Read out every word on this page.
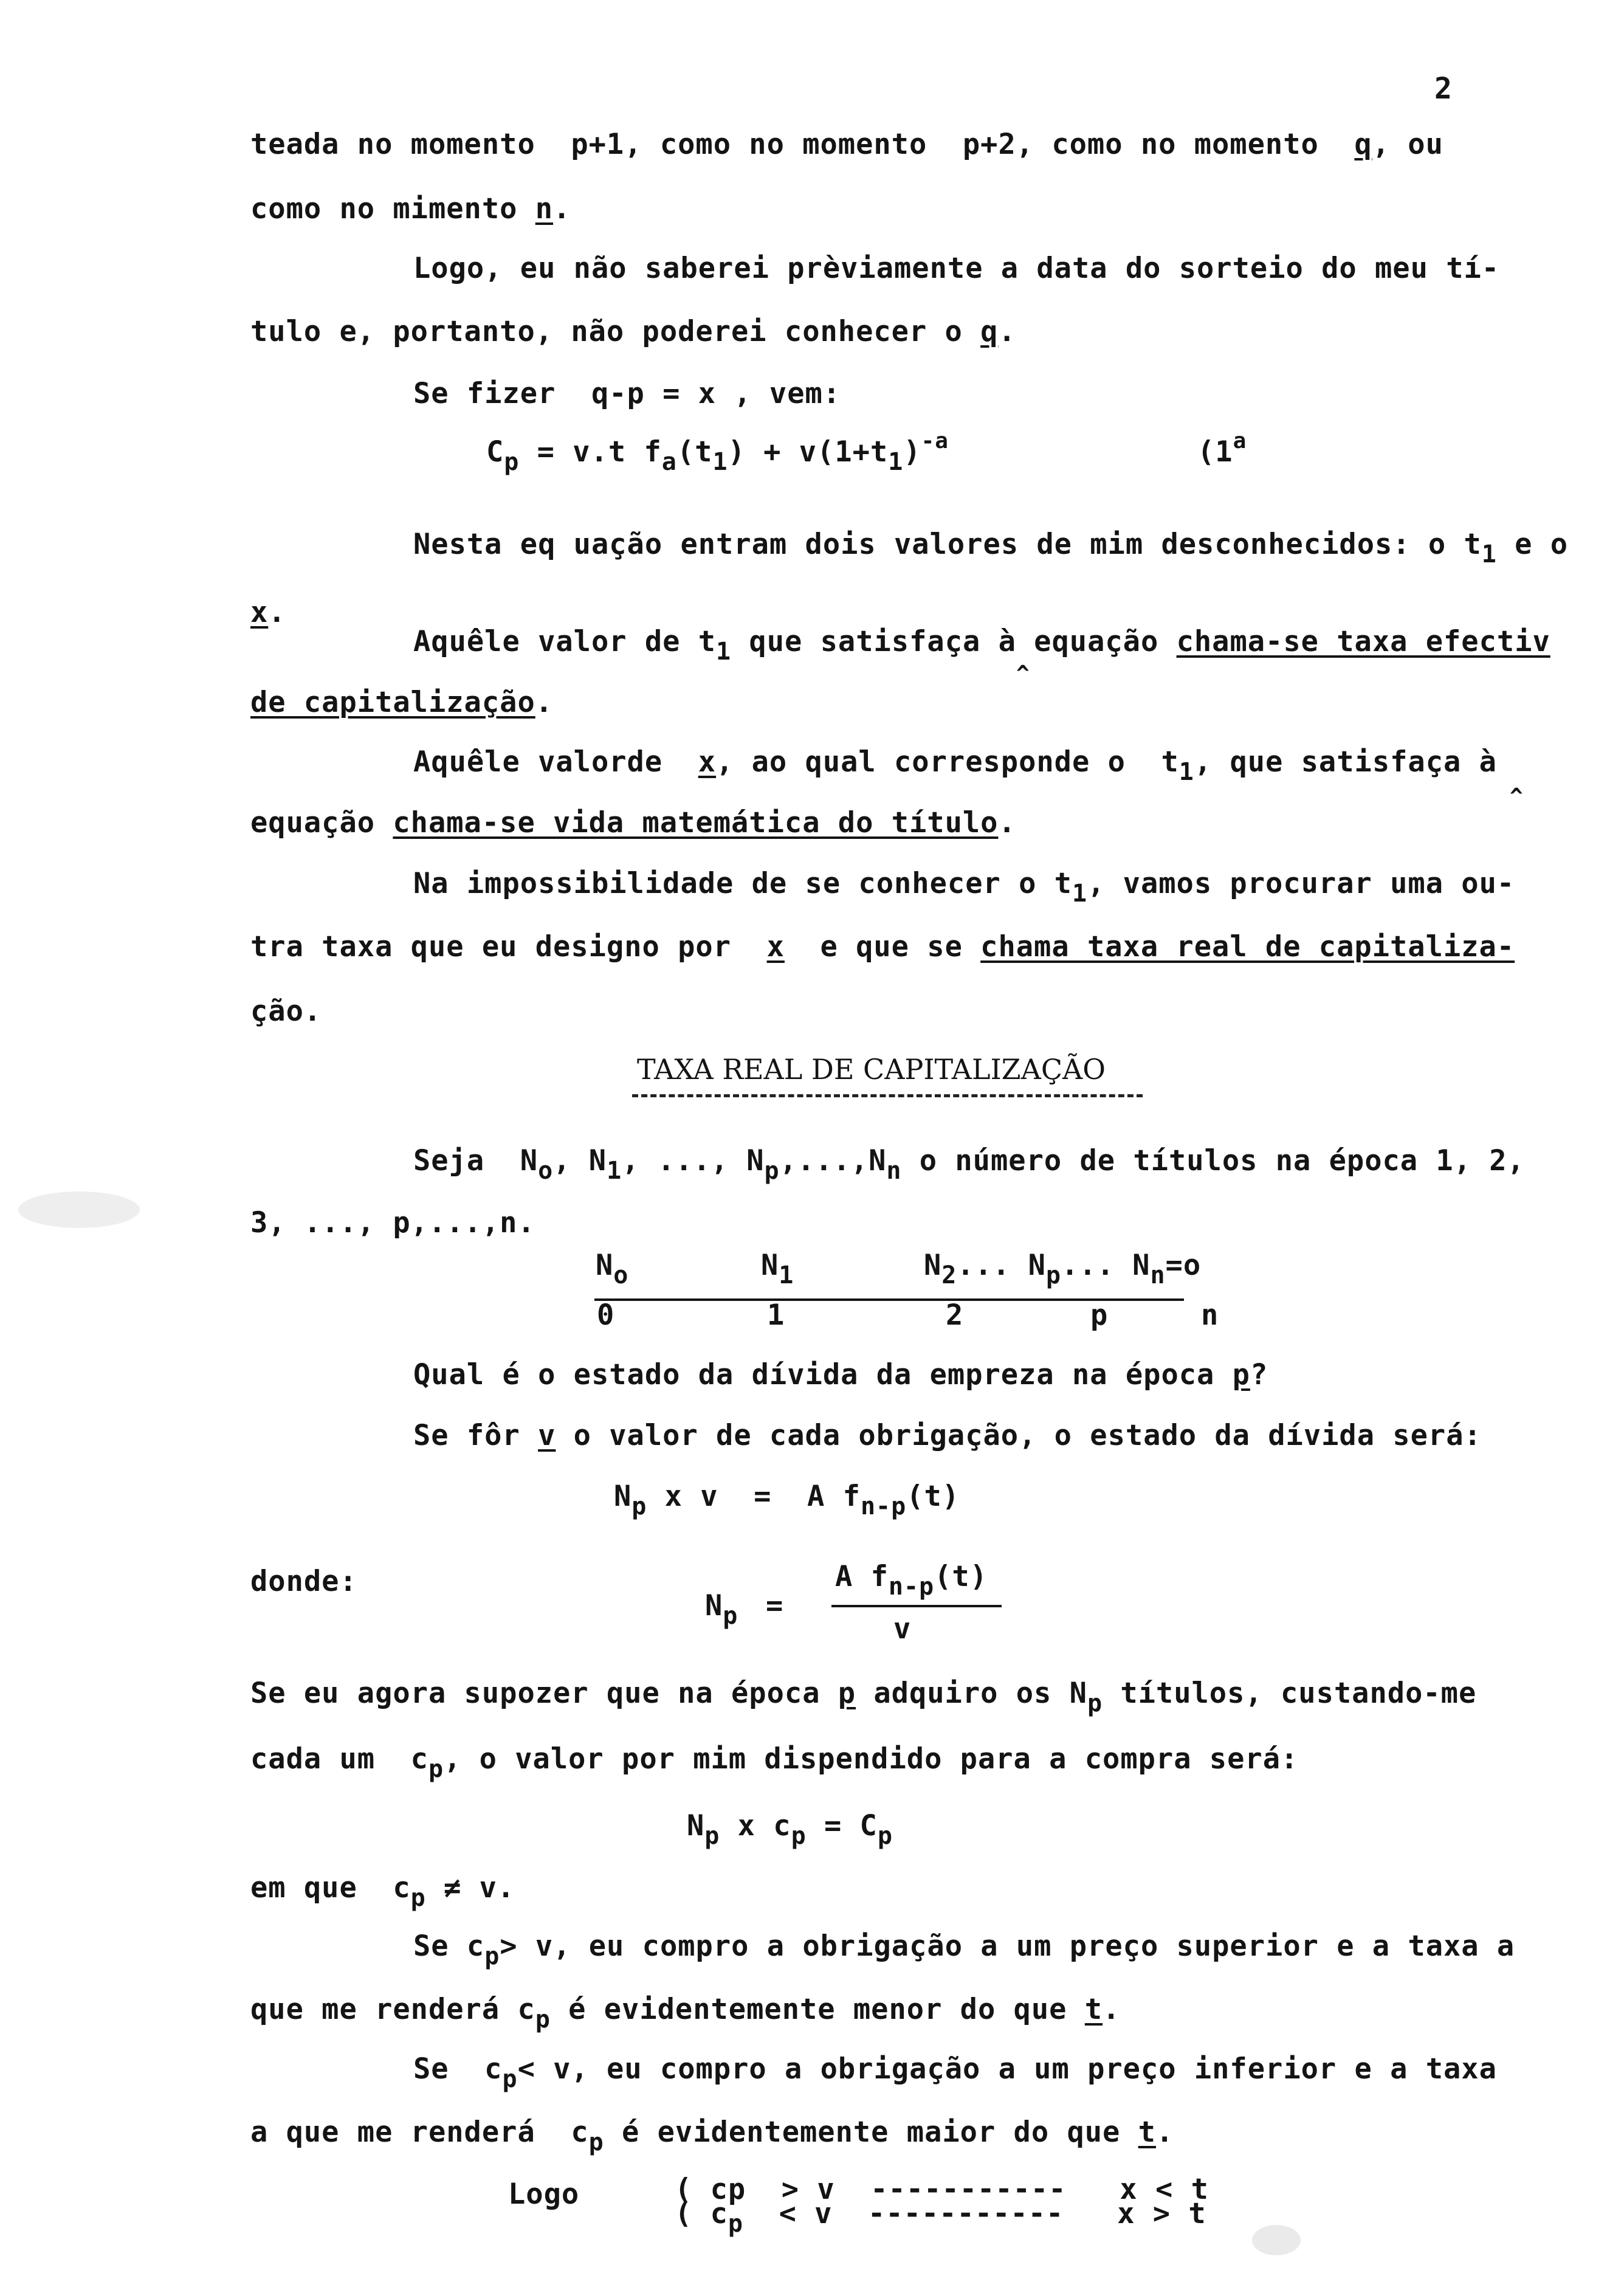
2
teada no momento  p+1, como no momento  p+2, como no momento  q, ou
como no mimento n.
Logo, eu não saberei prèviamente a data do sorteio do meu tí-
tulo e, portanto, não poderei conhecer o q.
Se fizer  q-p = x , vem:
$C_p = v.t$ $f_a(t_1) + v(1+t_1)^{-a}$	(1$^a$
Nesta eq uação entram dois valores de mim desconhecidos: o $t_1$ e o
x.
Aquêle valor de $t_1$ que satisfaça à equação chama-se taxa efectiv
^
de capitalização.
Aquêle valorde  x, ao qual corresponde o  $t_1$, que satisfaça à
^
equação chama-se vida matemática do título.
Na impossibilidade de se conhecer o $t_1$, vamos procurar uma ou-
tra taxa que eu designo por  x  e que se chama taxa real de capitaliza-
ção.
TAXA REAL DE CAPITALIZAÇÃO
Seja  $N_o$, $N_1$, ..., $N_p,...,N_n$ o número de títulos na época 1, 2,
3, ..., p,...,n.
$N_o$	$N_1$	$N_2$... $N_p$... $N_n=o$
0	1	2	p	n
Qual é o estado da dívida da empreza na época p?
Se fôr v o valor de cada obrigação, o estado da dívida será:
$N_p$ x v  =  A $f_{n-p}(t)$
donde:
$N_p$ =
A $f_{n-p}(t)$
v
Se eu agora supozer que na época p adquiro os $N_p$ títulos, custando-me
cada um  $c_p$, o valor por mim dispendido para a compra será:
$N_p$ x $c_p = C_p$
em que  $c_p \ne v$.
Se $c_p> v$, eu compro a obrigação a um preço superior e a taxa a
que me renderá $c_p$ é evidentemente menor do que t.
Se  $c_p< v$, eu compro a obrigação a um preço inferior e a taxa
a que me renderá  $c_p$ é evidentemente maior do que t.
Logo	( cp  > v  -----------   x < t
( $c_p < v$  -----------   x > t
